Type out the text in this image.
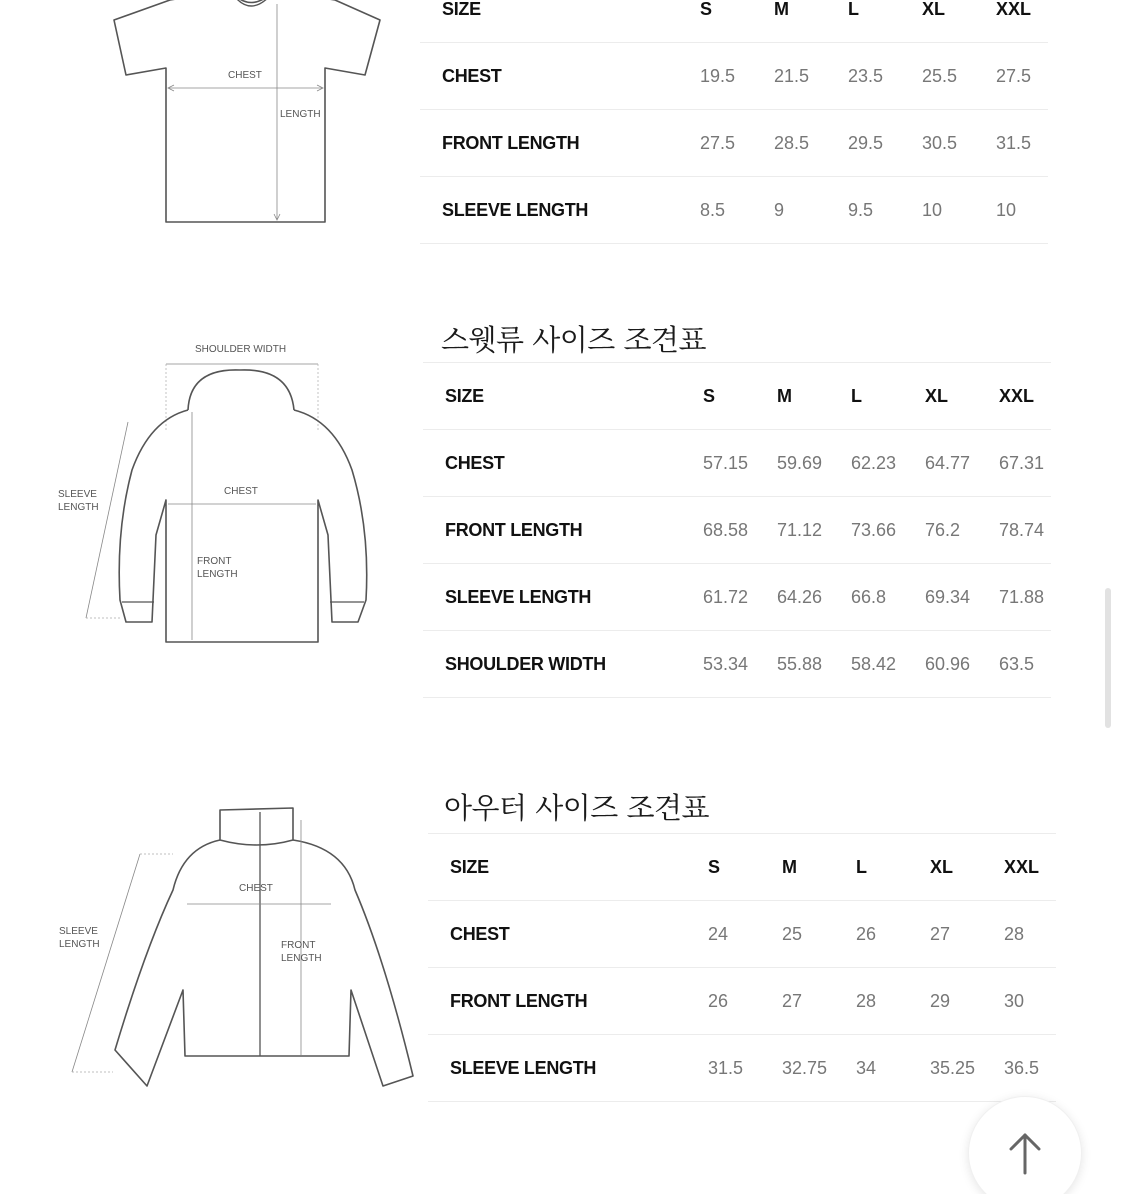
CHEST
LENGTH
SIZE	S	M	L	XL	XXL
CHEST	19.5	21.5	23.5	25.5	27.5
FRONT LENGTH	27.5	28.5	29.5	30.5	31.5
SLEEVE LENGTH	8.5	9	9.5	10	10
SHOULDER WIDTH
CHEST
FRONT
LENGTH
SLEEVE
LENGTH
스웻류 사이즈 조견표
SIZE	S	M	L	XL	XXL
CHEST	57.15	59.69	62.23	64.77	67.31
FRONT LENGTH	68.58	71.12	73.66	76.2	78.74
SLEEVE LENGTH	61.72	64.26	66.8	69.34	71.88
SHOULDER WIDTH	53.34	55.88	58.42	60.96	63.5
CHEST
FRONT
LENGTH
SLEEVE
LENGTH
아우터 사이즈 조견표
SIZE	S	M	L	XL	XXL
CHEST	24	25	26	27	28
FRONT LENGTH	26	27	28	29	30
SLEEVE LENGTH	31.5	32.75	34	35.25	36.5
